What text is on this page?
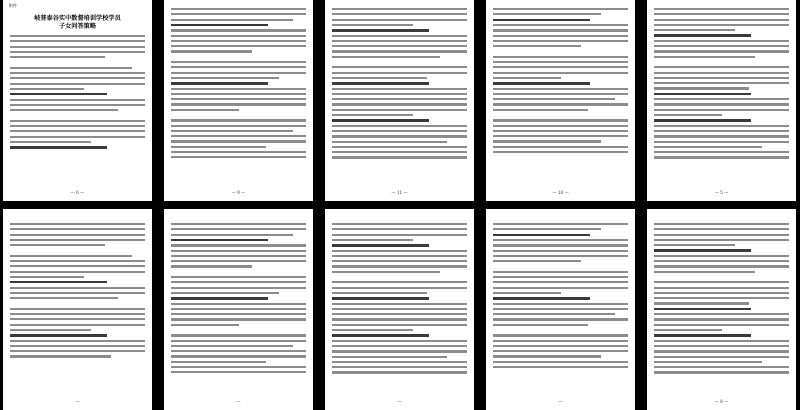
附件
岐普泰谷实中数督培训学校学员
子女问答策略
— 6 —	— 9 —	— 11 —	— 10 —	— 5 —
—	—	—	—	— 8 —
